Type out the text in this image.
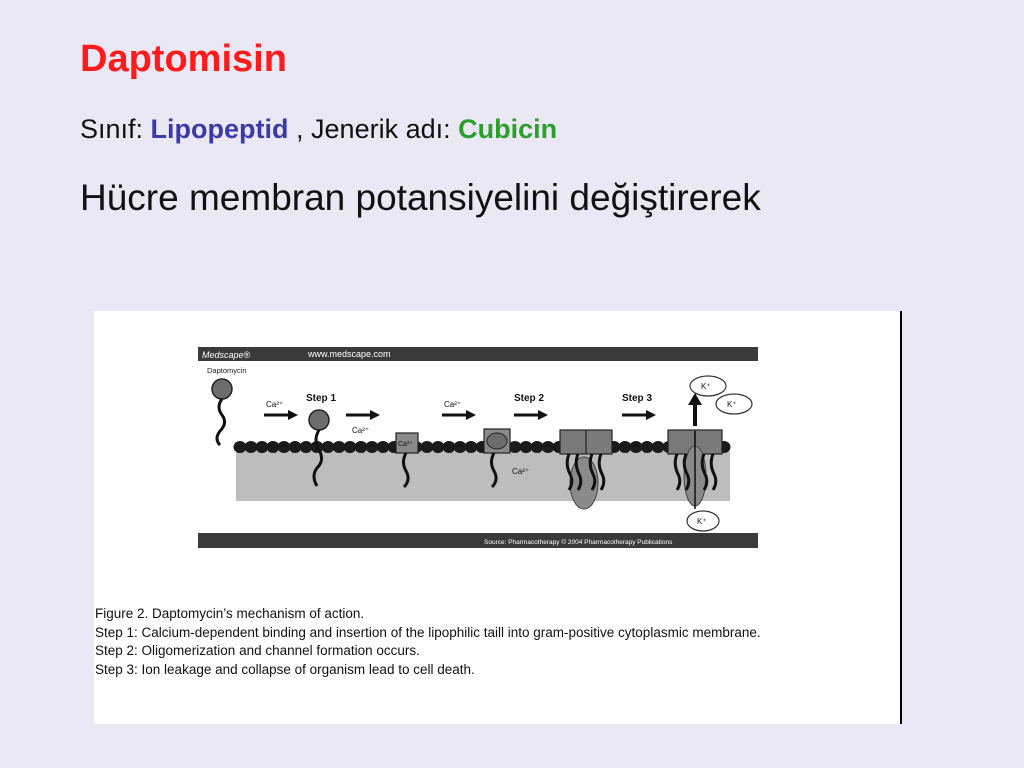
Daptomisin
Sınıf: Lipopeptid , Jenerik adı: Cubicin
Hücre membran potansiyelini değiştirerek
Medscape®	www.medscape.com
Daptomycin
Ca²⁺
Step 1
Ca²⁺
Ca²⁺
Ca²⁺
Ca²⁺
Step 2	Step 3
K⁺
K⁺
K⁺
Source: Pharmacotherapy © 2004 Pharmacotherapy Publications
Figure 2. Daptomycin’s mechanism of action.
Step 1: Calcium-dependent binding and insertion of the lipophilic taill into gram-positive cytoplasmic membrane.
Step 2: Oligomerization and channel formation occurs.
Step 3: Ion leakage and collapse of organism lead to cell death.
